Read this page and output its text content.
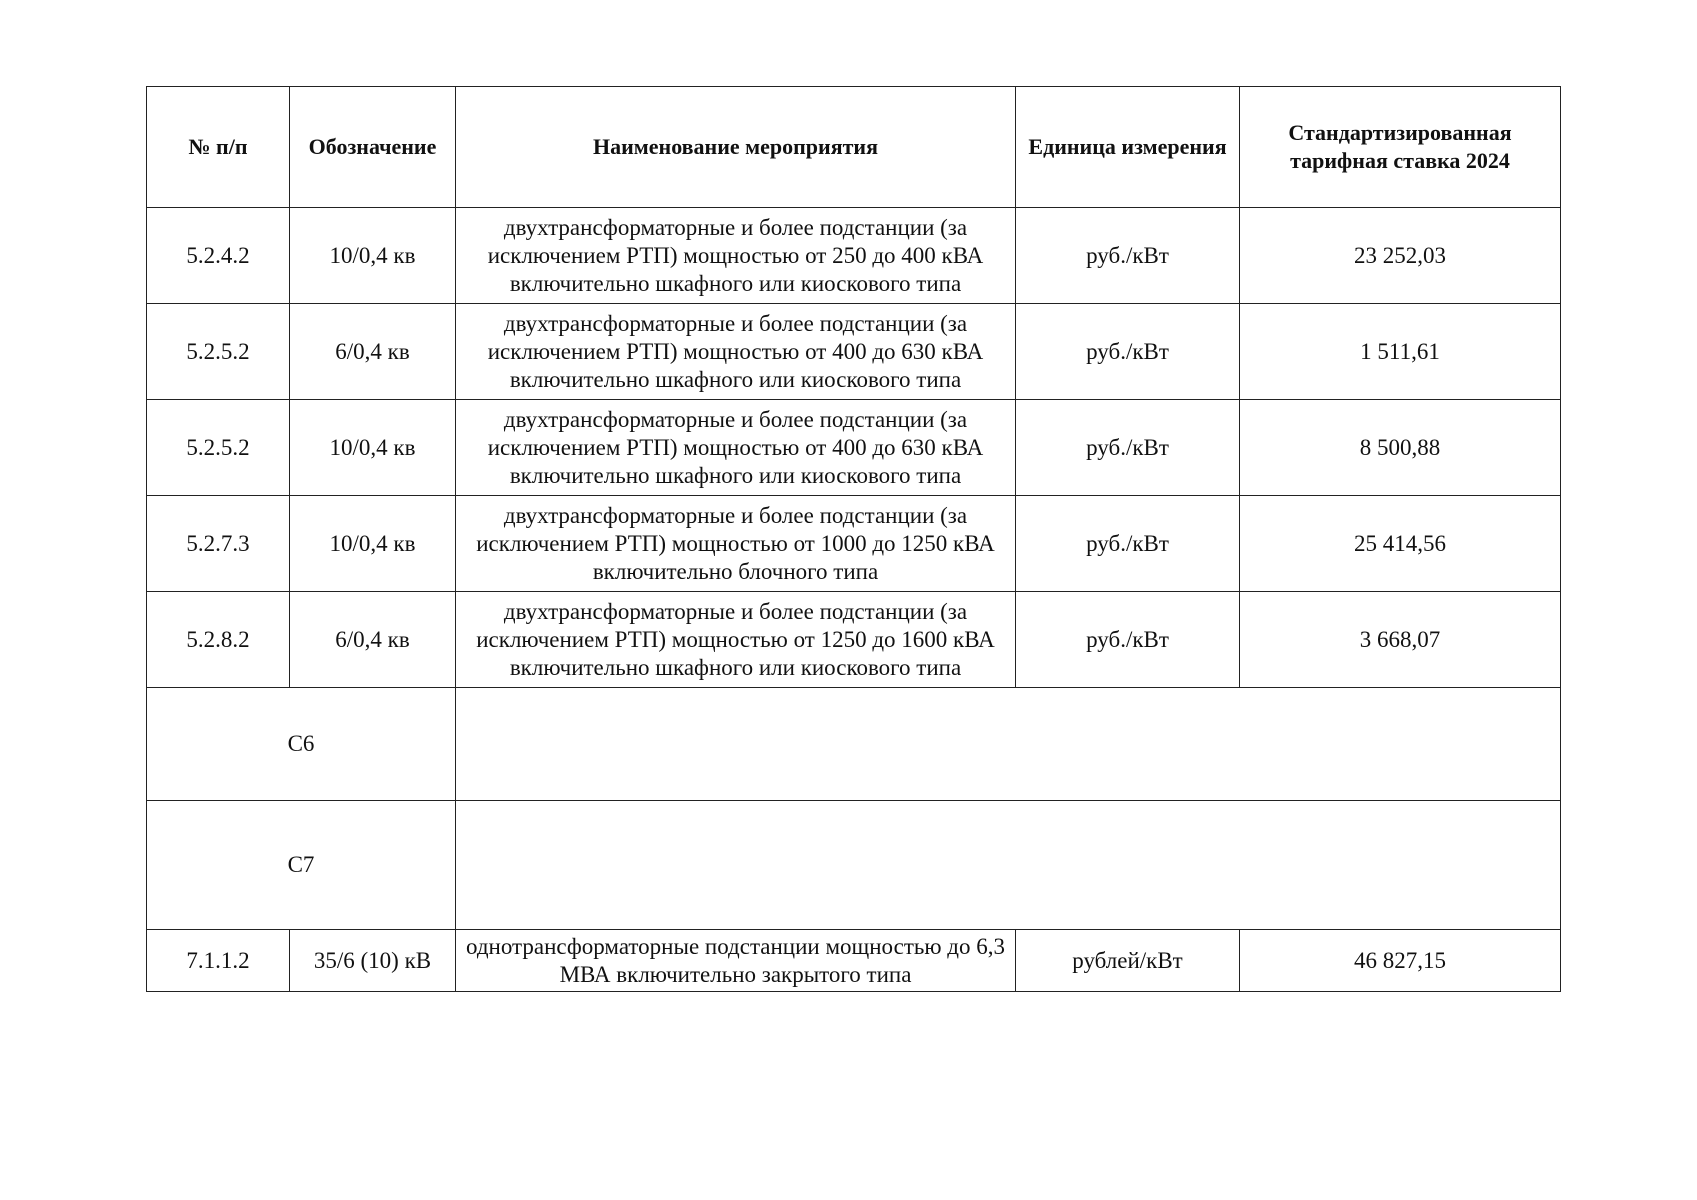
№ п/п	Обозначение	Наименование мероприятия	Единица измерения	Стандартизированная тарифная ставка 2024
5.2.4.2	10/0,4 кв	двухтрансформаторные и более подстанции (за исключением РТП) мощностью от 250 до 400 кВА включительно шкафного или киоскового типа	руб./кВт	23 252,03
5.2.5.2	6/0,4 кв	двухтрансформаторные и более подстанции (за исключением РТП) мощностью от 400 до 630 кВА включительно шкафного или киоскового типа	руб./кВт	1 511,61
5.2.5.2	10/0,4 кв	двухтрансформаторные и более подстанции (за исключением РТП) мощностью от 400 до 630 кВА включительно шкафного или киоскового типа	руб./кВт	8 500,88
5.2.7.3	10/0,4 кв	двухтрансформаторные и более подстанции (за исключением РТП) мощностью от 1000 до 1250 кВА включительно блочного типа	руб./кВт	25 414,56
5.2.8.2	6/0,4 кв	двухтрансформаторные и более подстанции (за исключением РТП) мощностью от 1250 до 1600 кВА включительно шкафного или киоскового типа	руб./кВт	3 668,07
С6				
С7				
7.1.1.2	35/6 (10) кВ	однотрансформаторные подстанции мощностью до 6,3 МВА включительно закрытого типа	рублей/кВт	46 827,15
